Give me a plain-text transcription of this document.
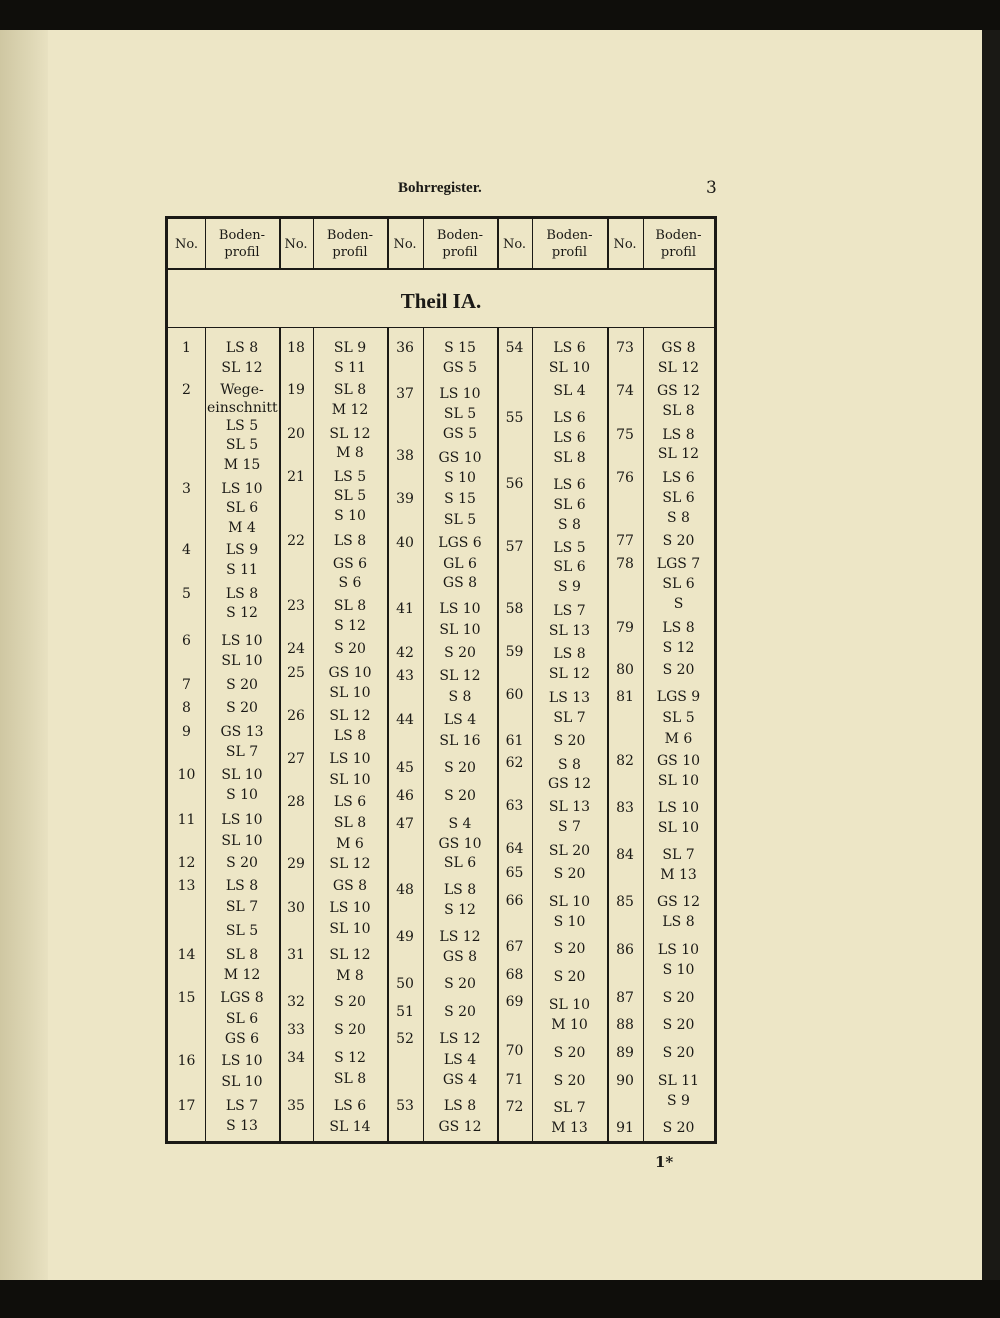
Bohrregister.	3
Theil IA.
No.
Boden-
profil
1
2
3
4
5
6
7
8
9
10
11
12
13
14
15
16
17
LS 8
SL 12
Wege-
einschnitt
LS 5
SL 5
M 15
LS 10
SL 6
M 4
LS 9
S 11
LS 8
S 12
LS 10
SL 10
S 20
S 20
GS 13
SL 7
SL 10
S 10
LS 10
SL 10
S 20
LS 8
SL 7
SL 5
SL 8
M 12
LGS 8
SL 6
GS 6
LS 10
SL 10
LS 7
S 13
No.
Boden-
profil
18
19
20
21
22
23
24
25
26
27
28
29
30
31
32
33
34
35
SL 9
S 11
SL 8
M 12
SL 12
M 8
LS 5
SL 5
S 10
LS 8
GS 6
S 6
SL 8
S 12
S 20
GS 10
SL 10
SL 12
LS 8
LS 10
SL 10
LS 6
SL 8
M 6
SL 12
GS 8
LS 10
SL 10
SL 12
M 8
S 20
S 20
S 12
SL 8
LS 6
SL 14
No.
Boden-
profil
36
37
38
39
40
41
42
43
44
45
46
47
48
49
50
51
52
53
S 15
GS 5
LS 10
SL 5
GS 5
GS 10
S 10
S 15
SL 5
LGS 6
GL 6
GS 8
LS 10
SL 10
S 20
SL 12
S 8
LS 4
SL 16
S 20
S 20
S 4
GS 10
SL 6
LS 8
S 12
LS 12
GS 8
S 20
S 20
LS 12
LS 4
GS 4
LS 8
GS 12
No.
Boden-
profil
54
55
56
57
58
59
60
61
62
63
64
65
66
67
68
69
70
71
72
LS 6
SL 10
SL 4
LS 6
LS 6
SL 8
LS 6
SL 6
S 8
LS 5
SL 6
S 9
LS 7
SL 13
LS 8
SL 12
LS 13
SL 7
S 20
S 8
GS 12
SL 13
S 7
SL 20
S 20
SL 10
S 10
S 20
S 20
SL 10
M 10
S 20
S 20
SL 7
M 13
No.
Boden-
profil
73
74
75
76
77
78
79
80
81
82
83
84
85
86
87
88
89
90
91
GS 8
SL 12
GS 12
SL 8
LS 8
SL 12
LS 6
SL 6
S 8
S 20
LGS 7
SL 6
S
LS 8
S 12
S 20
LGS 9
SL 5
M 6
GS 10
SL 10
LS 10
SL 10
SL 7
M 13
GS 12
LS 8
LS 10
S 10
S 20
S 20
S 20
SL 11
S 9
S 20
1*
